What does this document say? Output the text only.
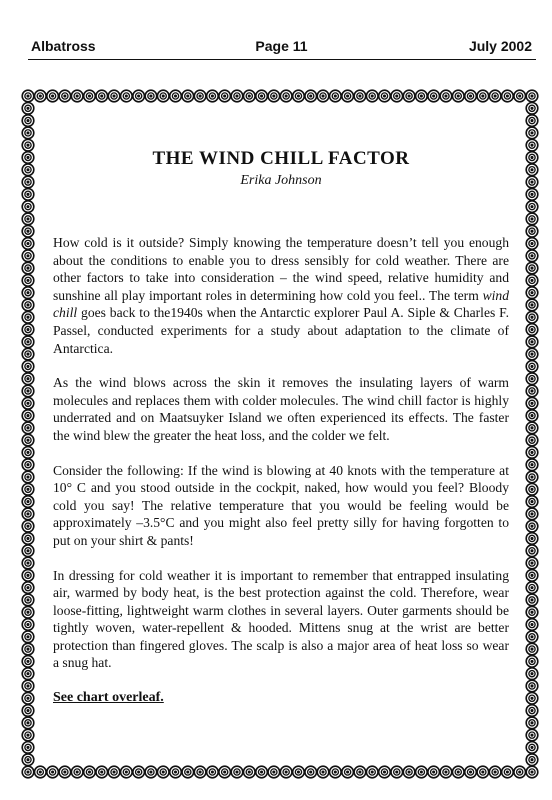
Albatross	Page 11	July 2002
THE WIND CHILL FACTOR
Erika Johnson

How cold is it outside? Simply knowing the temperature doesn’t tell you enough about the conditions to enable you to dress sensibly for cold weather. There are other factors to take into consideration – the wind speed, relative humidity and sunshine all play important roles in determining how cold you feel.. The term wind chill goes back to the1940s when the Antarctic explorer Paul A. Siple & Charles F. Passel, conducted experiments for a study about adaptation to the climate of Antarctica.

As the wind blows across the skin it removes the insulating layers of warm molecules and replaces them with colder molecules. The wind chill factor is highly underrated and on Maatsuyker Island we often experienced its effects. The faster the wind blew the greater the heat loss, and the colder we felt.

Consider the following: If the wind is blowing at 40 knots with the temperature at 10° C and you stood outside in the cockpit, naked, how would you feel? Bloody cold you say! The relative temperature that you would be feeling would be approximately –3.5°C and you might also feel pretty silly for having forgotten to put on your shirt & pants!

In dressing for cold weather it is important to remember that entrapped insulating air, warmed by body heat, is the best protection against the cold. Therefore, wear loose-fitting, lightweight warm clothes in several layers. Outer garments should be tightly woven, water-repellent & hooded. Mittens snug at the wrist are better protection than fingered gloves. The scalp is also a major area of heat loss so wear a snug hat.

See chart overleaf.
